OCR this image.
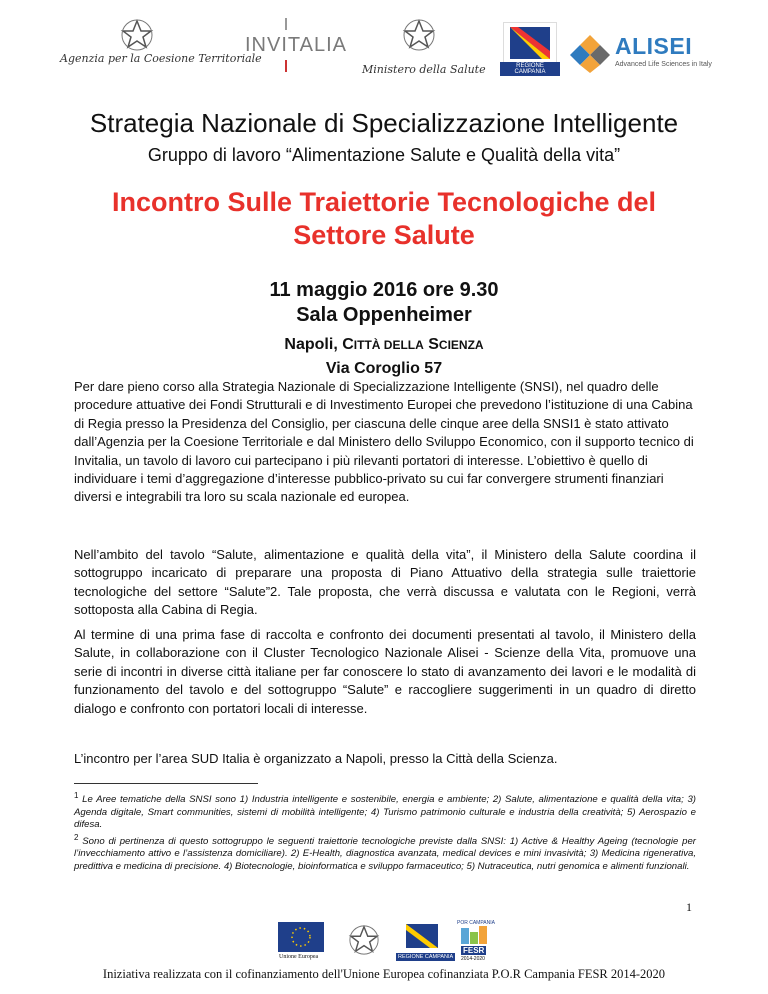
Agenzia per la Coesione Territoriale
INVITALIA
Ministero della Salute	REGIONE CAMPANIA
ALISEI
Advanced Life Sciences in Italy
Strategia Nazionale di Specializzazione Intelligente
Gruppo di lavoro “Alimentazione Salute e Qualità della vita”
Incontro Sulle Traiettorie Tecnologiche del
Settore Salute
11 maggio 2016 ore 9.30
Sala Oppenheimer
Napoli, CITTÀ DELLA SCIENZA
Via Coroglio 57

Per dare pieno corso alla Strategia Nazionale di Specializzazione Intelligente (SNSI), nel quadro delle procedure attuative dei Fondi Strutturali e di Investimento Europei che prevedono l’istituzione di una Cabina di Regia presso la Presidenza del Consiglio, per ciascuna delle cinque aree della SNSI1 è stato attivato dall’Agenzia per la Coesione Territoriale e dal Ministero dello Sviluppo Economico, con il supporto tecnico di Invitalia, un tavolo di lavoro cui partecipano i più rilevanti portatori di interesse. L’obiettivo è quello di individuare i temi d’aggregazione d’interesse pubblico-privato su cui far convergere strumenti finanziari diversi e integrabili tra loro su scala nazionale ed europea.

Nell’ambito del tavolo “Salute, alimentazione e qualità della vita”, il Ministero della Salute coordina il sottogruppo incaricato di preparare una proposta di Piano Attuativo della strategia sulle traiettorie tecnologiche del settore “Salute”2. Tale proposta, che verrà discussa e valutata con le Regioni, verrà sottoposta alla Cabina di Regia.

Al termine di una prima fase di raccolta e confronto dei documenti presentati al tavolo, il Ministero della Salute, in collaborazione con il Cluster Tecnologico Nazionale Alisei - Scienze della Vita, promuove una serie di incontri in diverse città italiane per far conoscere lo stato di avanzamento dei lavori e le modalità di funzionamento del tavolo e del sottogruppo “Salute” e raccogliere suggerimenti in un quadro di diretto dialogo e confronto con portatori locali di interesse.

L’incontro per l’area SUD Italia è organizzato a Napoli, presso la Città della Scienza.

$^1$ Le Aree tematiche della SNSI sono 1) Industria intelligente e sostenibile, energia e ambiente; 2) Salute, alimentazione e qualità della vita; 3) Agenda digitale, Smart communities, sistemi di mobilità intelligente; 4) Turismo patrimonio culturale e industria della creatività; 5) Aerospazio e difesa.
$^2$ Sono di pertinenza di questo sottogruppo le seguenti traiettorie tecnologiche previste dalla SNSI: 1) Active & Healthy Ageing (tecnologie per l’invecchiamento attivo e l’assistenza domiciliare). 2) E-Health, diagnostica avanzata, medical devices e mini invasività; 3) Medicina rigenerativa, predittiva e medicina di precisione. 4) Biotecnologie, bioinformatica e sviluppo farmaceutico; 5) Nutraceutica, nutri genomica e alimenti funzionali.
1
Unione Europea	REGIONE CAMPANIA
POR CAMPANIA
FESR
2014-2020
Iniziativa realizzata con il cofinanziamento dell'Unione Europea cofinanziata P.O.R Campania FESR 2014-2020
